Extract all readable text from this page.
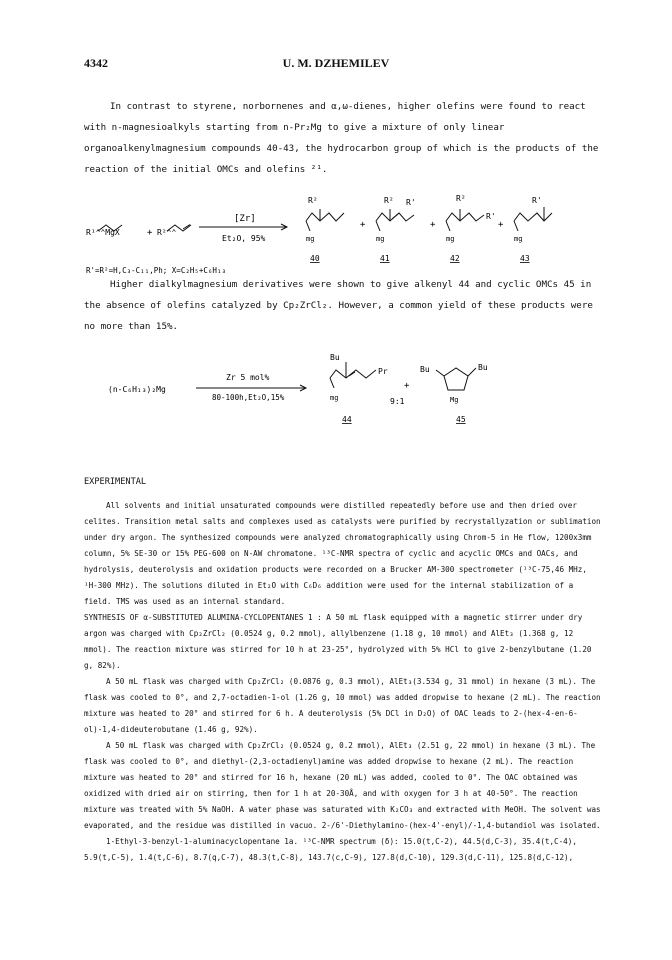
4342	U. M. DZHEMILEV

In contrast to styrene, norbornenes and α,ω-dienes, higher olefins were found to react with n-magnesioalkyls starting from n-Pr₂Mg to give a mixture of only linear organoalkenylmagnesium compounds 40-43, the hydrocarbon group of which is the products of the reaction of the initial OMCs and olefins ²¹.

R¹⌃⌃MgX	+ R²⌃⌃
[Zr]
Et₂O, 95%
R²	R² R'	R²
R'
R'
+	+	+
mg	mg	mg	mg
40	41	42	43
R'=R²=H,C₃-C₁₁,Ph; X=C₂H₅+C₆H₁₃

Higher dialkylmagnesium derivatives were shown to give alkenyl 44 and cyclic OMCs 45 in the absence of olefins catalyzed by Cp₂ZrCl₂. However, a common yield of these products were no more than 15%.

Bu
Pr
(n-C₆H₁₃)₂Mg
Zr 5 mol%
80-100h,Et₂O,15%
+
Bu	Bu
mg	Mg
9:1
44	45
EXPERIMENTAL

All solvents and initial unsaturated compounds were distilled repeatedly before use and then dried over celites. Transition metal salts and complexes used as catalysts were purified by recrystallyzation or sublimation under dry argon. The synthesized compounds were analyzed chromatographically using Chrom-5 in He flow, 1200x3mm column, 5% SE-30 or 15% PEG-600 on N-AW chromatone. ¹³C-NMR spectra of cyclic and acyclic OMCs and OACs, and hydrolysis, deuterolysis and oxidation products were recorded on a Brucker AM-300 spectrometer (¹³C-75,46 MHz, ¹H-300 MHz). The solutions diluted in Et₂O with C₆D₆ addition were used for the internal stabilization of a field. TMS was used as an internal standard.

SYNTHESIS OF α-SUBSTITUTED ALUMINA-CYCLOPENTANES 1 : A 50 mL flask equipped with a magnetic stirrer under dry argon was charged with Cp₂ZrCl₂ (0.0524 g, 0.2 mmol), allylbenzene (1.18 g, 10 mmol) and AlEt₃ (1.368 g, 12 mmol). The reaction mixture was stirred for 10 h at 23-25°, hydrolyzed with 5% HCl to give 2-benzylbutane (1.20 g, 82%).

A 50 mL flask was charged with Cp₂ZrCl₂ (0.0876 g, 0.3 mmol), AlEt₃(3.534 g, 31 mmol) in hexane (3 mL). The flask was cooled to 0°, and 2,7-octadien-1-ol (1.26 g, 10 mmol) was added dropwise to hexane (2 mL). The reaction mixture was heated to 20° and stirred for 6 h. A deuterolysis (5% DCl in D₂O) of OAC leads to 2-(hex-4-en-6-ol)-1,4-dideuterobutane (1.46 g, 92%).

A 50 mL flask was charged with Cp₂ZrCl₂ (0.0524 g, 0.2 mmol), AlEt₃ (2.51 g, 22 mmol) in hexane (3 mL). The flask was cooled to 0°, and diethyl-(2,3-octadienyl)amine was added dropwise to hexane (2 mL). The reaction mixture was heated to 20° and stirred for 16 h, hexane (20 mL) was added, cooled to 0°. The OAC obtained was oxidized with dried air on stirring, then for 1 h at 20-30Å, and with oxygen for 3 h at 40-50°. The reaction mixture was treated with 5% NaOH. A water phase was saturated with K₂CO₃ and extracted with MeOH. The solvent was evaporated, and the residue was distilled in vacuo. 2-/6'-Diethylamino-(hex-4'-enyl)/-1,4-butandiol was isolated.

1-Ethyl-3-benzyl-1-aluminacyclopentane 1a. ¹³C-NMR spectrum (δ): 15.0(t,C-2), 44.5(d,C-3), 35.4(t,C-4), 5.9(t,C-5), 1.4(t,C-6), 8.7(q,C-7), 48.3(t,C-8), 143.7(c,C-9), 127.8(d,C-10), 129.3(d,C-11), 125.8(d,C-12),
